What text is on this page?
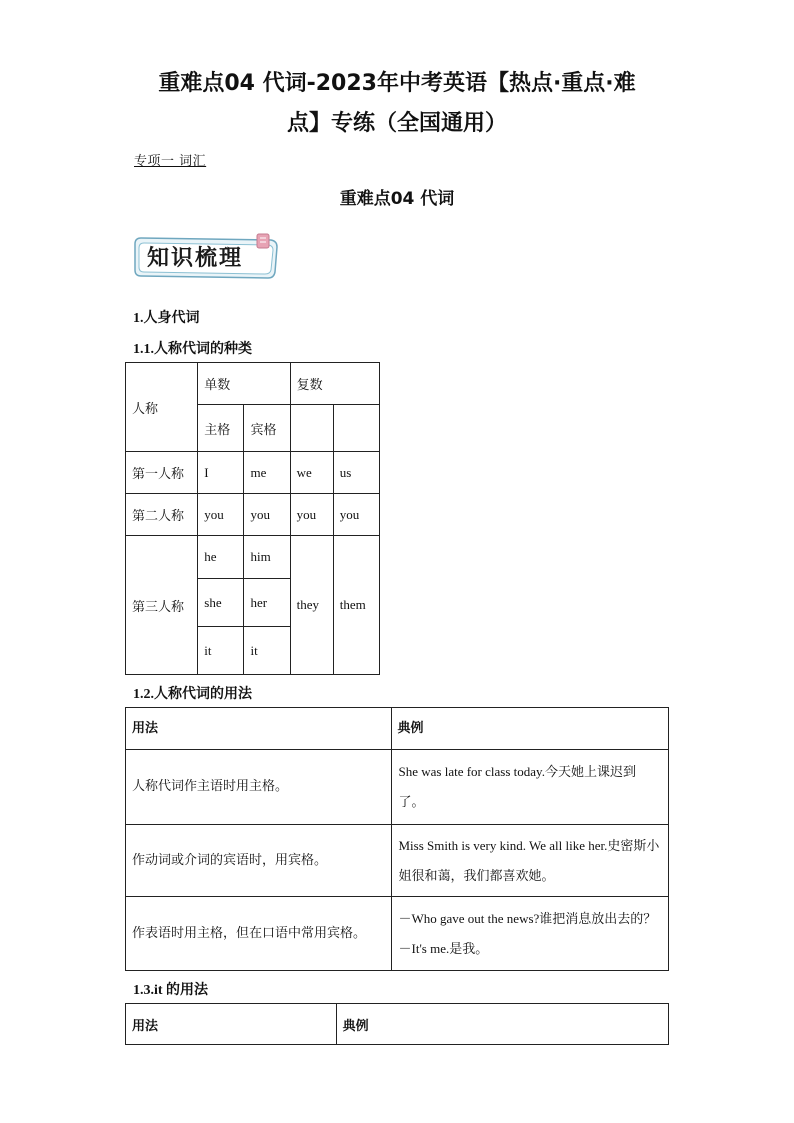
重难点04 代词-2023年中考英语【热点·重点·难
点】专练（全国通用）
专项一 词汇
重难点04 代词
知识梳理
1.人身代词
1.1.人称代词的种类
人称	单数		复数	
	主格	宾格		
第一人称	I	me	we	us
第二人称	you	you	you	you
第三人称	he	him	they	them
	she	her		
	it	it		
1.2.人称代词的用法
用法	典例
人称代词作主语时用主格。	She was late for class today.今天她上课迟到了。
作动词或介词的宾语时，用宾格。	Miss Smith is very kind. We all like her.史密斯小姐很和蔼，我们都喜欢她。
作表语时用主格，但在口语中常用宾格。	－Who gave out the news?谁把消息放出去的？－It's me.是我。
1.3.it 的用法
用法	典例
